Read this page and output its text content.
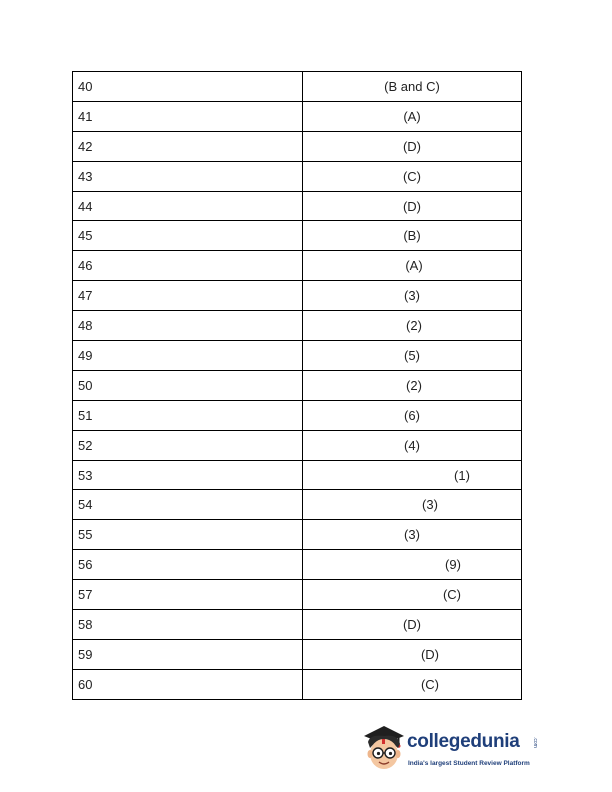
40	(B and C)
41	(A)
42	(D)
43	(C)
44	(D)
45	(B)
46	(A)
47	(3)
48	(2)
49	(5)
50	(2)
51	(6)
52	(4)
53	(1)
54	(3)
55	(3)
56	(9)
57	(C)
58	(D)
59	(D)
60	(C)
collegedunia .com
India's largest Student Review Platform
